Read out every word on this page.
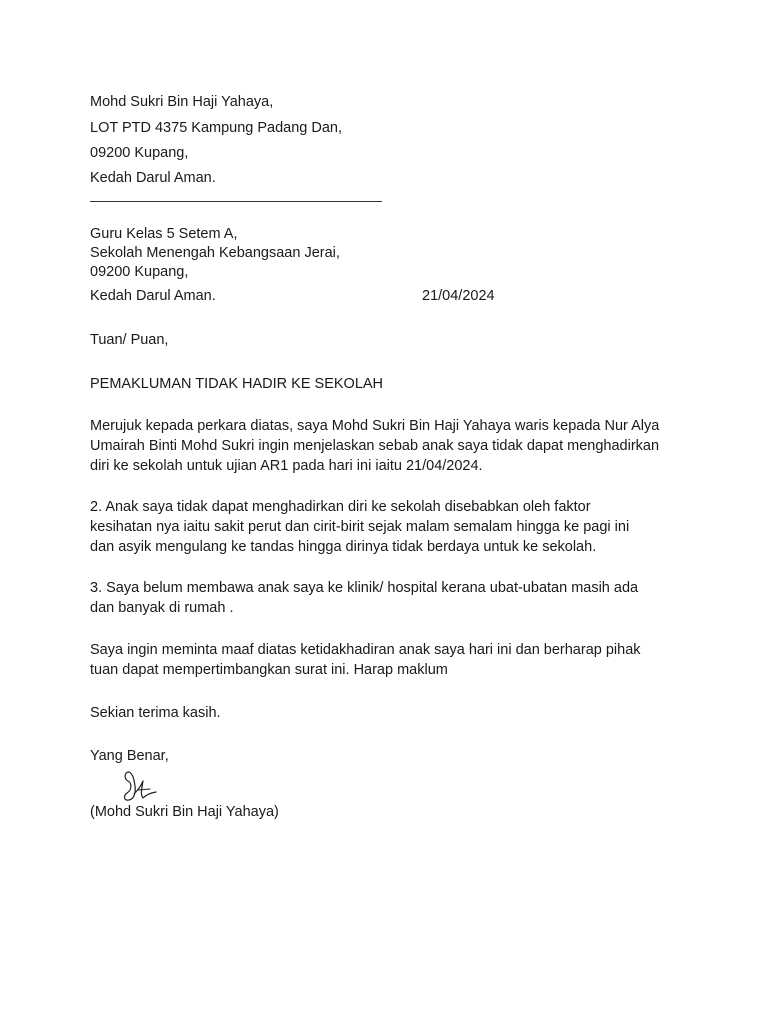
Mohd Sukri Bin Haji Yahaya,
LOT PTD 4375 Kampung Padang Dan,
09200 Kupang,
Kedah Darul Aman.
Guru Kelas 5 Setem A,
Sekolah Menengah Kebangsaan Jerai,
09200 Kupang,
Kedah Darul Aman.	21/04/2024
Tuan/ Puan,
PEMAKLUMAN TIDAK HADIR KE SEKOLAH
Merujuk kepada perkara diatas, saya Mohd Sukri Bin Haji Yahaya waris kepada Nur Alya
Umairah Binti Mohd Sukri ingin menjelaskan sebab anak saya tidak dapat menghadirkan
diri ke sekolah untuk ujian AR1 pada hari ini iaitu 21/04/2024.
2. Anak saya tidak dapat menghadirkan diri ke sekolah disebabkan oleh faktor
kesihatan nya iaitu sakit perut dan cirit-birit sejak malam semalam hingga ke pagi ini
dan asyik mengulang ke tandas hingga dirinya tidak berdaya untuk ke sekolah.
3. Saya belum membawa anak saya ke klinik/ hospital kerana ubat-ubatan masih ada
dan banyak di rumah .
Saya ingin meminta maaf diatas ketidakhadiran anak saya hari ini dan berharap pihak
tuan dapat mempertimbangkan surat ini. Harap maklum
Sekian terima kasih.
Yang Benar,
(Mohd Sukri Bin Haji Yahaya)
